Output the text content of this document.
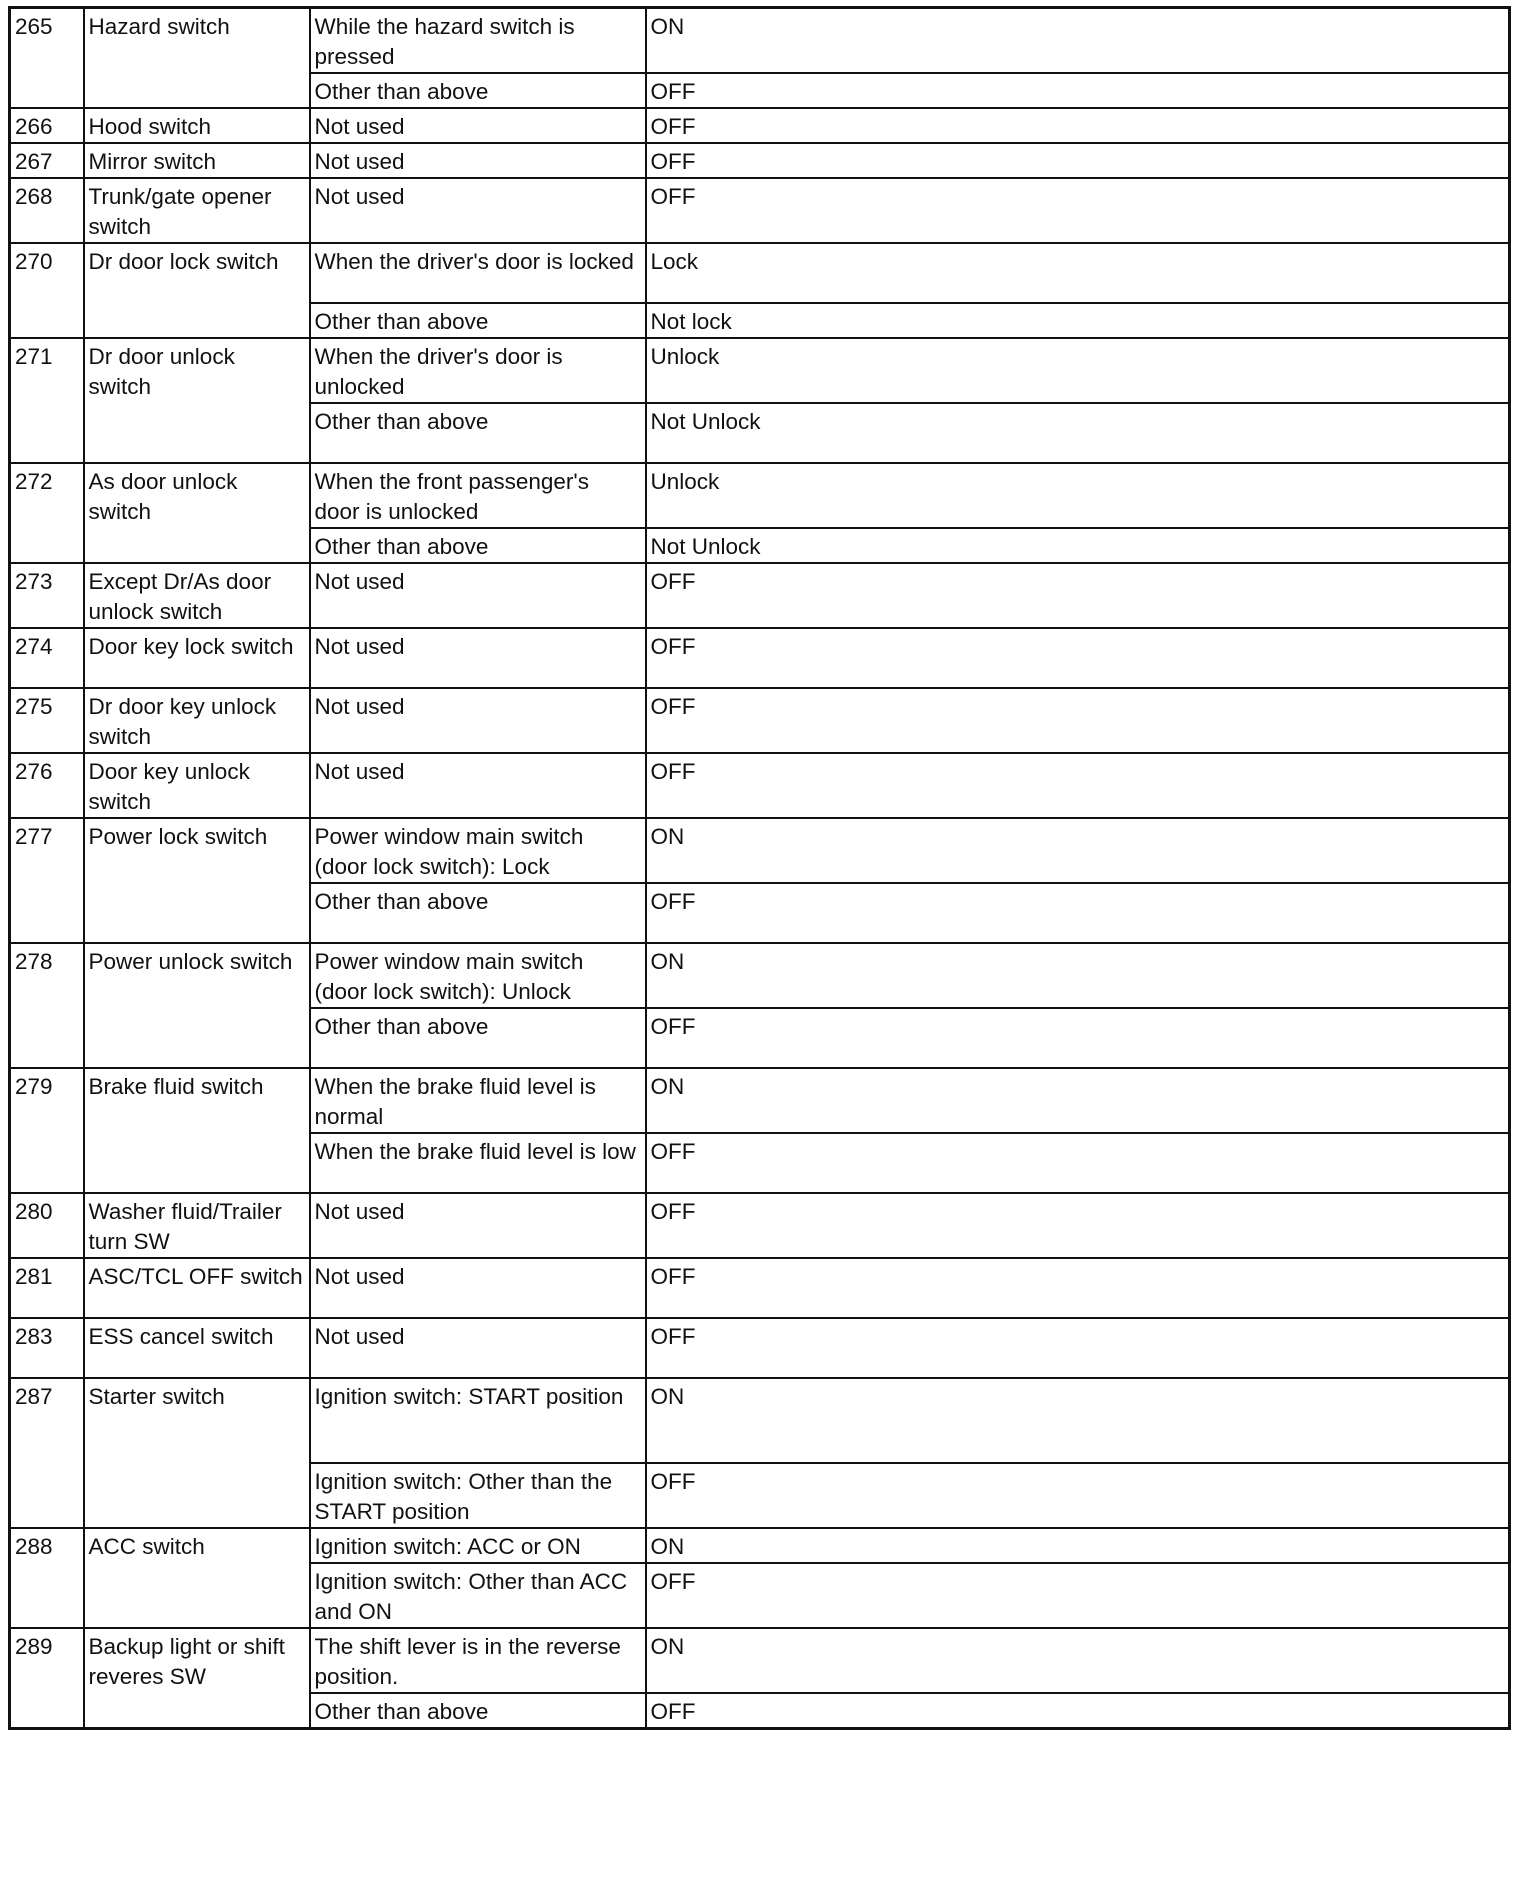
265	Hazard switch	While the hazard switch is pressed	ON
		Other than above	OFF
266	Hood switch	Not used	OFF
267	Mirror switch	Not used	OFF
268	Trunk/gate opener switch	Not used	OFF
270	Dr door lock switch	When the driver's door is locked	Lock
		Other than above	Not lock
271	Dr door unlock switch	When the driver's door is unlocked	Unlock
		Other than above	Not Unlock
272	As door unlock switch	When the front passenger's door is unlocked	Unlock
		Other than above	Not Unlock
273	Except Dr/As door unlock switch	Not used	OFF
274	Door key lock switch	Not used	OFF
275	Dr door key unlock switch	Not used	OFF
276	Door key unlock switch	Not used	OFF
277	Power lock switch	Power window main switch (door lock switch): Lock	ON
		Other than above	OFF
278	Power unlock switch	Power window main switch (door lock switch): Unlock	ON
		Other than above	OFF
279	Brake fluid switch	When the brake fluid level is normal	ON
		When the brake fluid level is low	OFF
280	Washer fluid/Trailer turn SW	Not used	OFF
281	ASC/TCL OFF switch	Not used	OFF
283	ESS cancel switch	Not used	OFF
287	Starter switch	Ignition switch: START position	ON
		Ignition switch: Other than the START position	OFF
288	ACC switch	Ignition switch: ACC or ON	ON
		Ignition switch: Other than ACC and ON	OFF
289	Backup light or shift reveres SW	The shift lever is in the reverse position.	ON
		Other than above	OFF
